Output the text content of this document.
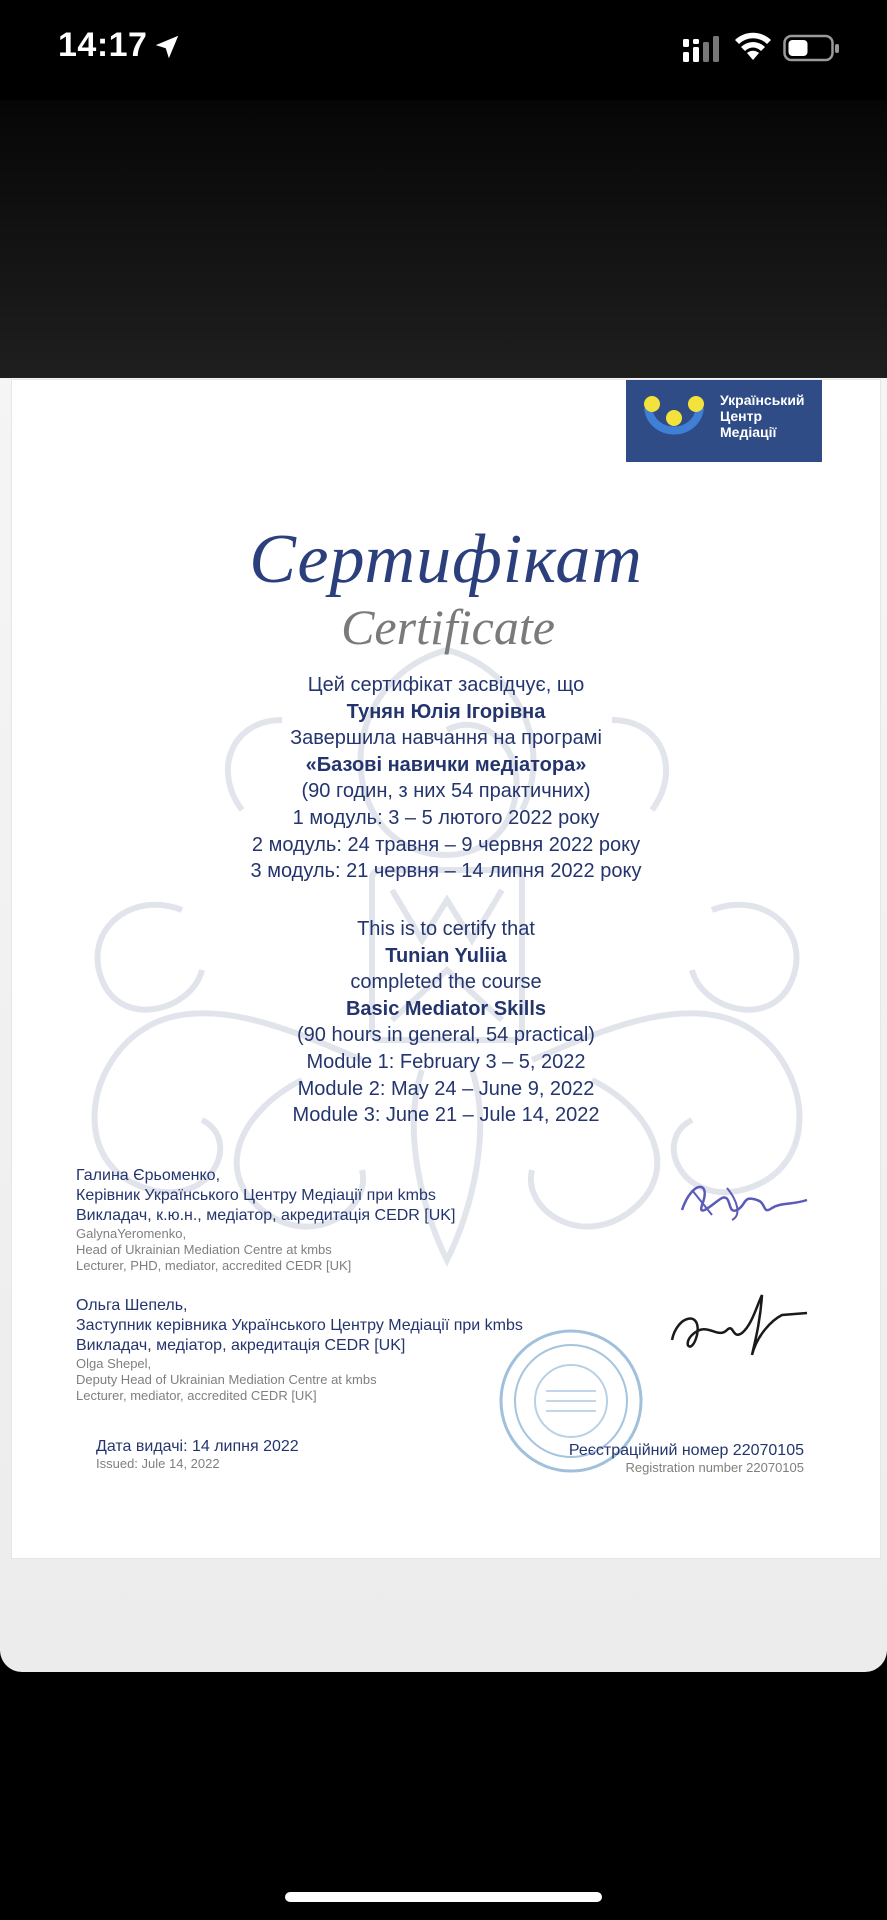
14:17
Український
Центр
Медіації
Сертифікат
Certificate
Цей сертифікат засвідчує, що
Тунян Юлія Ігорівна
Завершила навчання на програмі
«Базові навички медіатора»
(90 годин, з них 54 практичних)
1 модуль: 3 – 5 лютого 2022 року
2 модуль: 24 травня – 9 червня 2022 року
3 модуль: 21 червня – 14 липня 2022 року
This is to certify that
Tunian Yuliia
completed the course
Basic Mediator Skills
(90 hours in general, 54 practical)
Module 1: February 3 – 5, 2022
Module 2: May 24 – June 9, 2022
Module 3: June 21 – Jule 14, 2022
Галина Єрьоменко,
Керівник Українського Центру Медіації при kmbs
Викладач, к.ю.н., медіатор, акредитація CEDR [UK]
GalynaYeromenko,
Head of Ukrainian Mediation Centre at kmbs
Lecturer, PHD, mediator, accredited CEDR [UK]
Ольга Шепель,
Заступник керівника Українського Центру Медіації при kmbs
Викладач, медіатор, акредитація CEDR [UK]
Olga Shepel,
Deputy Head of Ukrainian Mediation Centre at kmbs
Lecturer, mediator, accredited CEDR [UK]
Дата видачі: 14 липня 2022
Issued: Jule 14, 2022
Реєстраційний номер 22070105
Registration number 22070105
